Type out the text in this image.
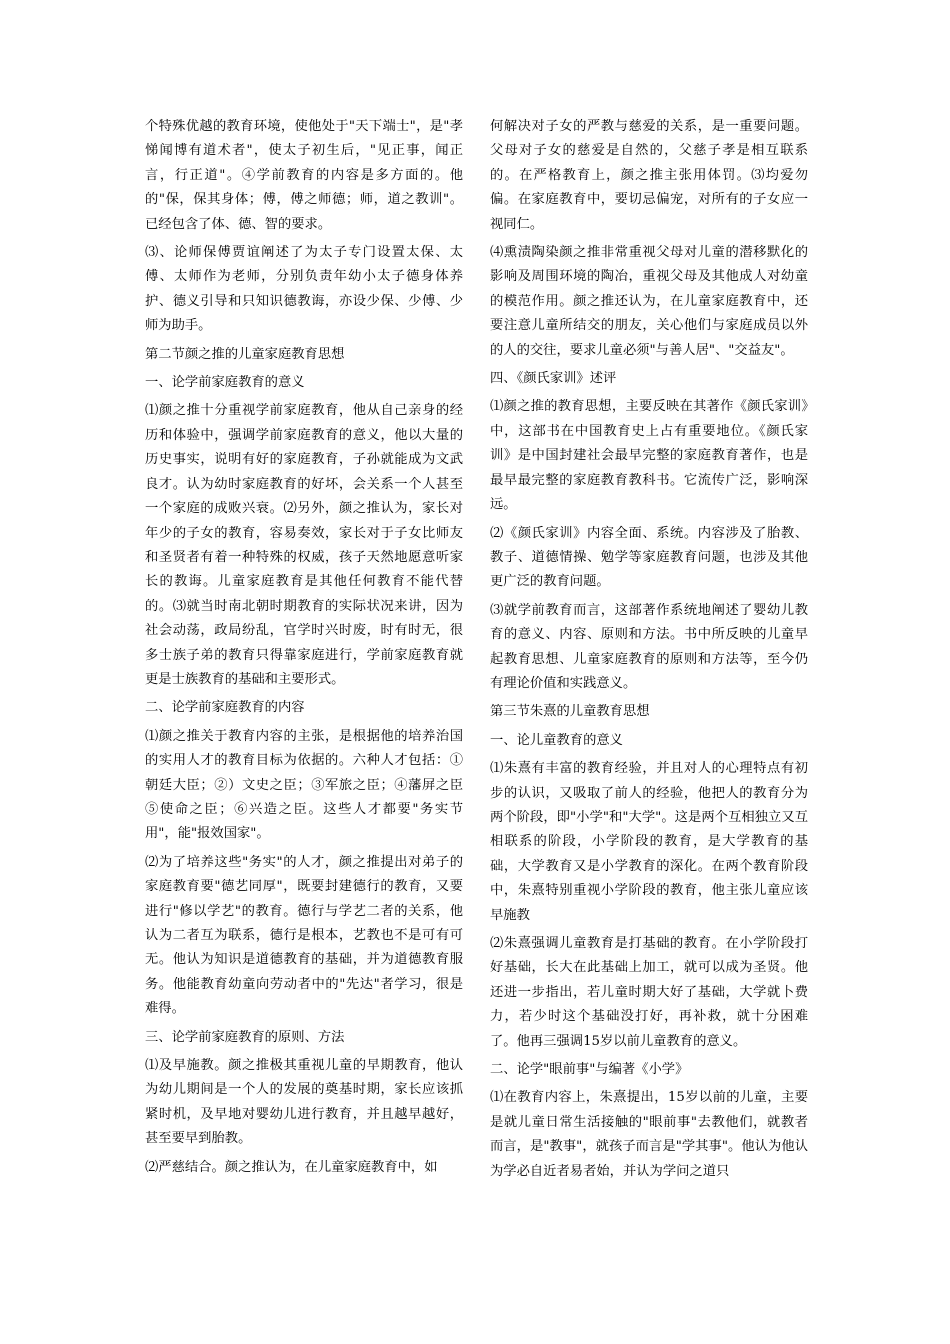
个特殊优越的教育环境，使他处于"天下端士"，是"孝悌闻博有道术者"，使太子初生后，"见正事，闻正言，行正道"。④学前教育的内容是多方面的。他的"保，保其身体；傅，傅之师德；师，道之教训"。已经包含了体、德、智的要求。

⑶、论师保傅贾谊阐述了为太子专门设置太保、太傅、太师作为老师，分别负责年幼小太子德身体养护、德义引导和只知识德教诲，亦设少保、少傅、少师为助手。

第二节颜之推的儿童家庭教育思想

一、论学前家庭教育的意义

⑴颜之推十分重视学前家庭教育，他从自己亲身的经历和体验中，强调学前家庭教育的意义，他以大量的历史事实，说明有好的家庭教育，子孙就能成为文武良才。认为幼时家庭教育的好坏，会关系一个人甚至一个家庭的成败兴衰。⑵另外，颜之推认为，家长对年少的子女的教育，容易奏效，家长对于子女比师友和圣贤者有着一种特殊的权威，孩子天然地愿意听家长的教诲。儿童家庭教育是其他任何教育不能代替的。⑶就当时南北朝时期教育的实际状况来讲，因为社会动荡，政局纷乱，官学时兴时废，时有时无，很多士族子弟的教育只得靠家庭进行，学前家庭教育就更是士族教育的基础和主要形式。

二、论学前家庭教育的内容

⑴颜之推关于教育内容的主张，是根据他的培养治国的实用人才的教育目标为依据的。六种人才包括：①朝廷大臣；②）文史之臣；③军旅之臣；④藩屏之臣⑤使命之臣；⑥兴造之臣。这些人才都要"务实节用"，能"报效国家"。

⑵为了培养这些"务实"的人才，颜之推提出对弟子的家庭教育要"德艺同厚"，既要封建德行的教育，又要进行"修以学艺"的教育。德行与学艺二者的关系，他认为二者互为联系，德行是根本，艺教也不是可有可无。他认为知识是道德教育的基础，并为道德教育服务。他能教育幼童向劳动者中的"先达"者学习，很是难得。

三、论学前家庭教育的原则、方法

⑴及早施教。颜之推极其重视儿童的早期教育，他认为幼儿期间是一个人的发展的奠基时期，家长应该抓紧时机，及早地对婴幼儿进行教育，并且越早越好，甚至要早到胎教。

⑵严慈结合。颜之推认为，在儿童家庭教育中，如

何解决对子女的严教与慈爱的关系，是一重要问题。父母对子女的慈爱是自然的，父慈子孝是相互联系的。在严格教育上，颜之推主张用体罚。⑶均爱勿偏。在家庭教育中，要切忌偏宠，对所有的子女应一视同仁。

⑷熏渍陶染颜之推非常重视父母对儿童的潜移默化的影响及周围环境的陶冶，重视父母及其他成人对幼童的模范作用。颜之推还认为，在儿童家庭教育中，还要注意儿童所结交的朋友，关心他们与家庭成员以外的人的交往，要求儿童必须"与善人居"、"交益友"。

四、《颜氏家训》述评

⑴颜之推的教育思想，主要反映在其著作《颜氏家训》中，这部书在中国教育史上占有重要地位。《颜氏家训》是中国封建社会最早完整的家庭教育著作，也是最早最完整的家庭教育教科书。它流传广泛，影响深远。

⑵《颜氏家训》内容全面、系统。内容涉及了胎教、教子、道德情操、勉学等家庭教育问题，也涉及其他更广泛的教育问题。

⑶就学前教育而言，这部著作系统地阐述了婴幼儿教育的意义、内容、原则和方法。书中所反映的儿童早起教育思想、儿童家庭教育的原则和方法等，至今仍有理论价值和实践意义。

第三节朱熹的儿童教育思想

一、论儿童教育的意义

⑴朱熹有丰富的教育经验，并且对人的心理特点有初步的认识，又吸取了前人的经验，他把人的教育分为两个阶段，即"小学"和"大学"。这是两个互相独立又互相联系的阶段，小学阶段的教育，是大学教育的基础，大学教育又是小学教育的深化。在两个教育阶段中，朱熹特别重视小学阶段的教育，他主张儿童应该早施教

⑵朱熹强调儿童教育是打基础的教育。在小学阶段打好基础，长大在此基础上加工，就可以成为圣贤。他还进一步指出，若儿童时期大好了基础，大学就卜费力，若少时这个基础没打好，再补救，就十分困难了。他再三强调15岁以前儿童教育的意义。

二、论学"眼前事"与编著《小学》

⑴在教育内容上，朱熹提出，15岁以前的儿童，主要是就儿童日常生活接触的"眼前事"去教他们，就教者而言，是"教事"，就孩子而言是"学其事"。他认为他认为学必自近者易者始，并认为学问之道只
